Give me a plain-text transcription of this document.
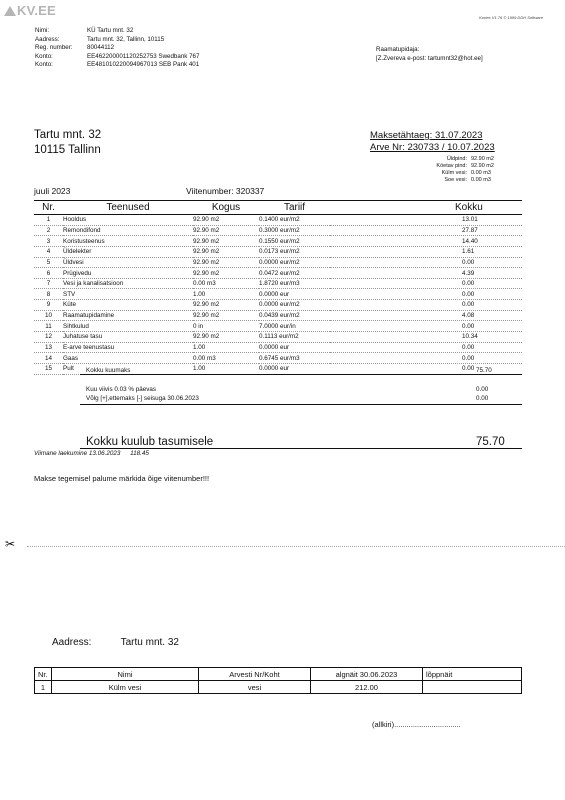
KV.EE	Kortex V1.76 © 1999 DDH Software
Nimi:	KÜ Tartu mnt. 32
Aadress:	Tartu mnt. 32, Tallinn, 10115
Reg. number:	80044112
Konto:	EE462200001120252753 Swedbank 767
Konto:	EE481010220094967013 SEB Pank 401
Raamatupidaja:
[Z.Zvereva e-post: tartumnt32@hot.ee]
Tartu mnt. 32
10115 Tallinn
Maksetähtaeg: 31.07.2023
Arve Nr: 230733 / 10.07.2023
Üldpind: 92.90 m2
Köetav pind: 92.90 m2
Külm vesi: 0.00 m3
Soe vesi: 0.00 m3
juuli 2023	Viitenumber: 320337
Nr.	Teenused	Kogus	Tariif	Kokku
1	Hooldus	92.90 m2	0.1400 eur/m2	13.01
2	Remondifond	92.90 m2	0.3000 eur/m2	27.87
3	Koristusteenus	92.90 m2	0.1550 eur/m2	14.40
4	Üldelekter	92.90 m2	0.0173 eur/m2	1.61
5	Üldvesi	92.90 m2	0.0000 eur/m2	0.00
6	Prügivedu	92.90 m2	0.0472 eur/m2	4.39
7	Vesi ja kanalisatsioon	0.00 m3	1.8720 eur/m3	0.00
8	STV	1.00	0.0000 eur	0.00
9	Küte	92.90 m2	0.0000 eur/m2	0.00
10	Raamatupidamine	92.90 m2	0.0439 eur/m2	4.08
11	Sihtkulud	0 in	7.0000 eur/in	0.00
12	Juhatuse tasu	92.90 m2	0.1113 eur/m2	10.34
13	E-arve teenustasu	1.00	0.0000 eur	0.00
14	Gaas	0.00 m3	0.6745 eur/m3	0.00
15	Pult	1.00	0.0000 eur	0.00
Kokku kuumaks	75.70
Kuu viivis 0.03 % päevas	0.00
Võlg [+],ettemaks [-] seisuga 30.06.2023	0.00
Kokku kuulub tasumisele	75.70
Viimane laekumine 13.06.2023 118.45
Makse tegemisel palume märkida õige viitenumber!!!
✂
Aadress:	Tartu mnt. 32
Nr.	Nimi	Arvesti Nr/Koht	algnäit 30.06.2023	lõppnäit
1	Külm vesi	vesi	212.00	
(allkiri)................................
